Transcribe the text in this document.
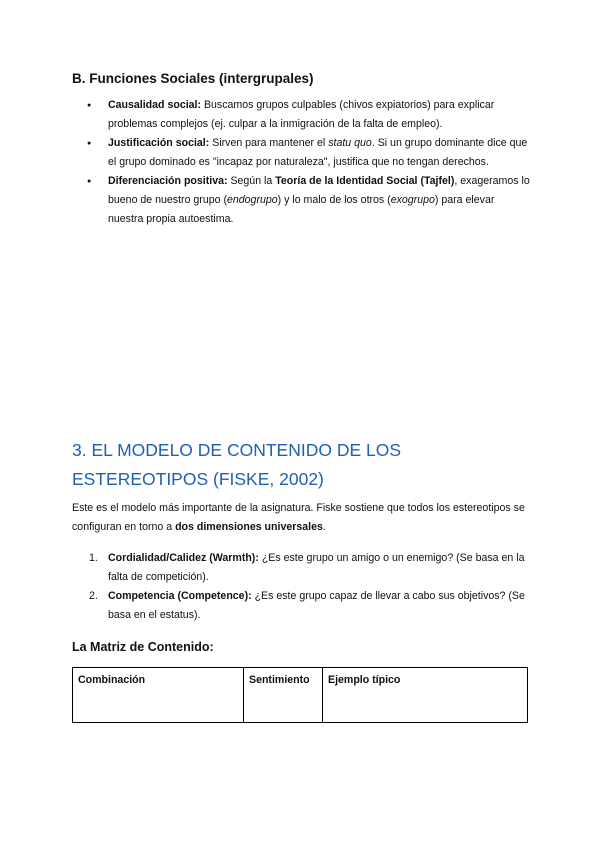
B. Funciones Sociales (intergrupales)
● Causalidad social: Buscamos grupos culpables (chivos expiatorios) para explicar problemas complejos (ej. culpar a la inmigración de la falta de empleo).
● Justificación social: Sirven para mantener el statu quo. Si un grupo dominante dice que el grupo dominado es "incapaz por naturaleza", justifica que no tengan derechos.
● Diferenciación positiva: Según la Teoría de la Identidad Social (Tajfel), exageramos lo bueno de nuestro grupo (endogrupo) y lo malo de los otros (exogrupo) para elevar nuestra propia autoestima.
3. EL MODELO DE CONTENIDO DE LOS ESTEREOTIPOS (FISKE, 2002)

Este es el modelo más importante de la asignatura. Fiske sostiene que todos los estereotipos se configuran en torno a dos dimensiones universales.

1. Cordialidad/Calidez (Warmth): ¿Es este grupo un amigo o un enemigo? (Se basa en la falta de competición).
2. Competencia (Competence): ¿Es este grupo capaz de llevar a cabo sus objetivos? (Se basa en el estatus).
La Matriz de Contenido:
Combinación	Sentimiento	Ejemplo típico
